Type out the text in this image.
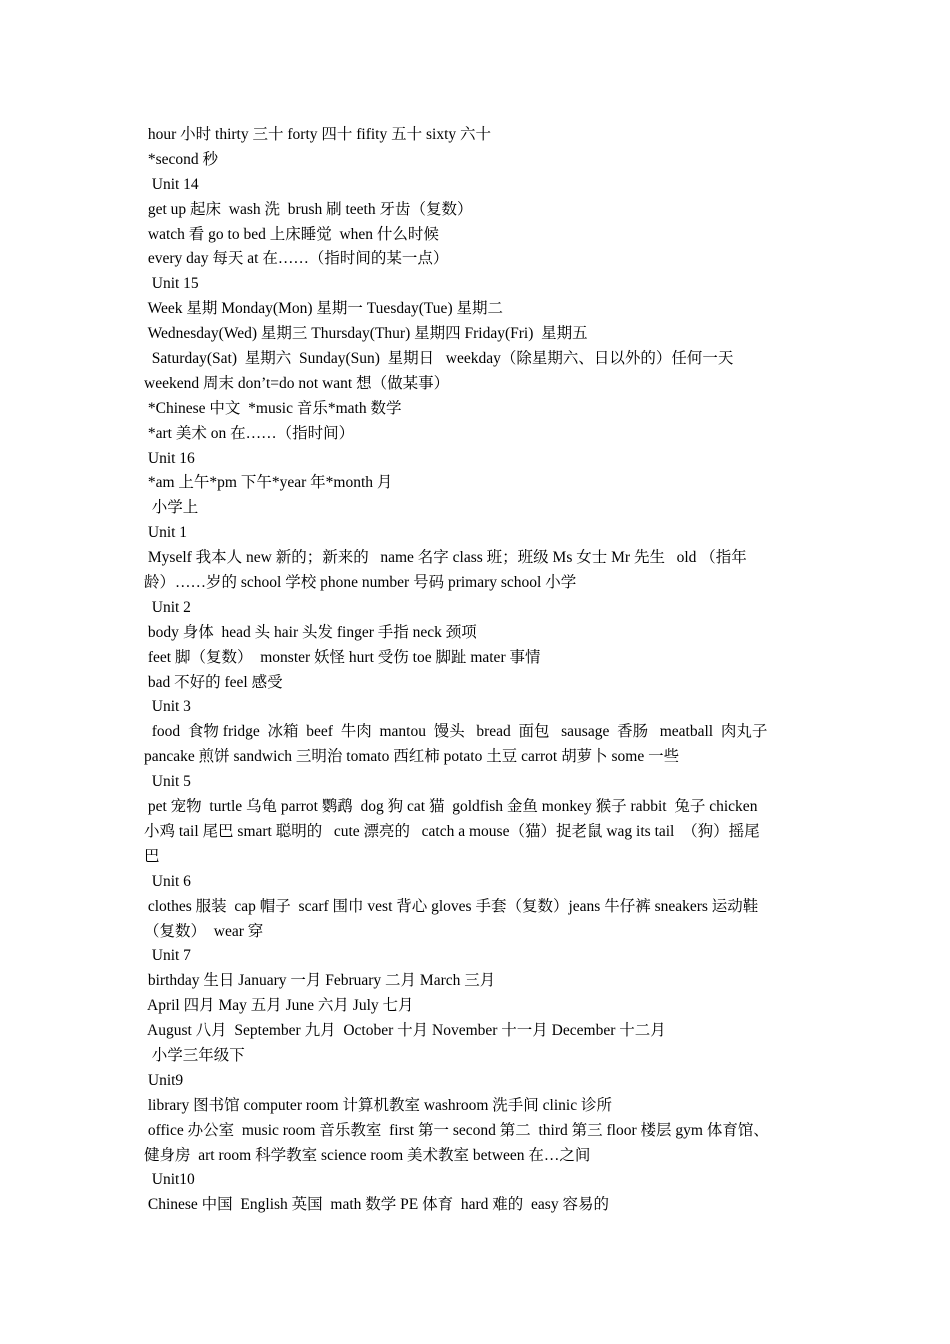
hour 小时 thirty 三十 forty 四十 fifity 五十 sixty 六十
*second 秒
Unit 14
get up 起床  wash 洗  brush 刷 teeth 牙齿（复数）
watch 看 go to bed 上床睡觉  when 什么时候
every day 每天 at 在……（指时间的某一点）
Unit 15
Week 星期 Monday(Mon) 星期一 Tuesday(Tue) 星期二
Wednesday(Wed) 星期三 Thursday(Thur) 星期四 Friday(Fri)  星期五
Saturday(Sat)  星期六  Sunday(Sun)  星期日   weekday（除星期六、日以外的）任何一天
weekend 周末 don’t=do not want 想（做某事）
*Chinese 中文  *music 音乐*math 数学
*art 美术 on 在……（指时间）
Unit 16
*am 上午*pm 下午*year 年*month 月
小学上
Unit 1
Myself 我本人 new 新的；新来的   name 名字 class 班；班级 Ms 女士 Mr 先生   old （指年
龄）……岁的 school 学校 phone number 号码 primary school 小学
Unit 2
body 身体  head 头 hair 头发 finger 手指 neck 颈项
feet 脚（复数）  monster 妖怪 hurt 受伤 toe 脚趾 mater 事情
bad 不好的 feel 感受
Unit 3
food  食物 fridge  冰箱  beef  牛肉  mantou  馒头   bread  面包   sausage  香肠   meatball  肉丸子
pancake 煎饼 sandwich 三明治 tomato 西红柿 potato 土豆 carrot 胡萝卜 some 一些
Unit 5
pet 宠物  turtle 乌龟 parrot 鹦鹉  dog 狗 cat 猫  goldfish 金鱼 monkey 猴子 rabbit  兔子 chicken
小鸡 tail 尾巴 smart 聪明的   cute 漂亮的   catch a mouse（猫）捉老鼠 wag its tail  （狗）摇尾
巴
Unit 6
clothes 服装  cap 帽子  scarf 围巾 vest 背心 gloves 手套（复数）jeans 牛仔裤 sneakers 运动鞋
（复数）  wear 穿
Unit 7
birthday 生日 January 一月 February 二月 March 三月
April 四月 May 五月 June 六月 July 七月
August 八月  September 九月  October 十月 November 十一月 December 十二月
小学三年级下
Unit9
library 图书馆 computer room 计算机教室 washroom 洗手间 clinic 诊所
office 办公室  music room 音乐教室  first 第一 second 第二  third 第三 floor 楼层 gym 体育馆、
健身房  art room 科学教室 science room 美术教室 between 在…之间
Unit10
Chinese 中国  English 英国  math 数学 PE 体育  hard 难的  easy 容易的
